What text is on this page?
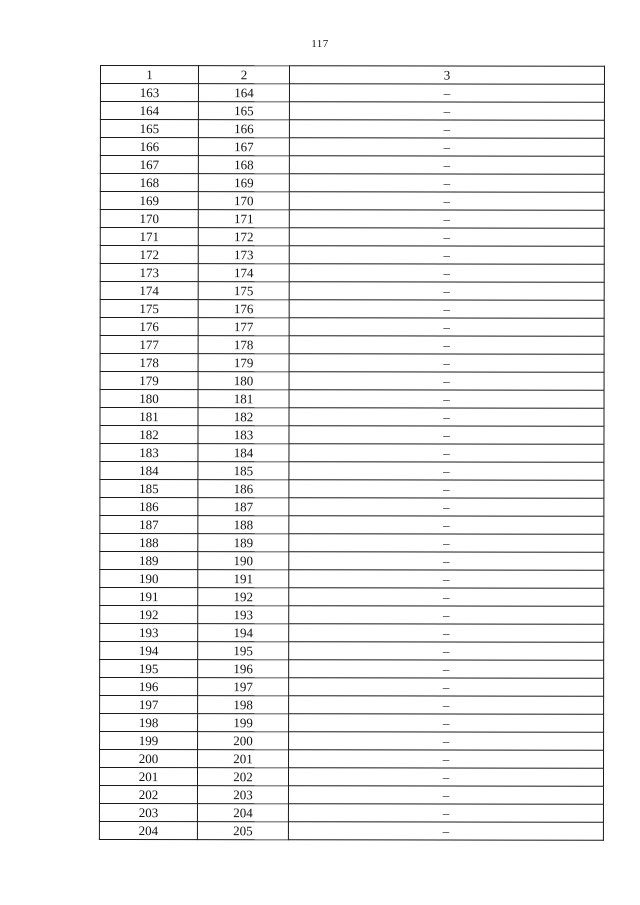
117
1	2	3
163	164	–
164	165	–
165	166	–
166	167	–
167	168	–
168	169	–
169	170	–
170	171	–
171	172	–
172	173	–
173	174	–
174	175	–
175	176	–
176	177	–
177	178	–
178	179	–
179	180	–
180	181	–
181	182	–
182	183	–
183	184	–
184	185	–
185	186	–
186	187	–
187	188	–
188	189	–
189	190	–
190	191	–
191	192	–
192	193	–
193	194	–
194	195	–
195	196	–
196	197	–
197	198	–
198	199	–
199	200	–
200	201	–
201	202	–
202	203	–
203	204	–
204	205	–
